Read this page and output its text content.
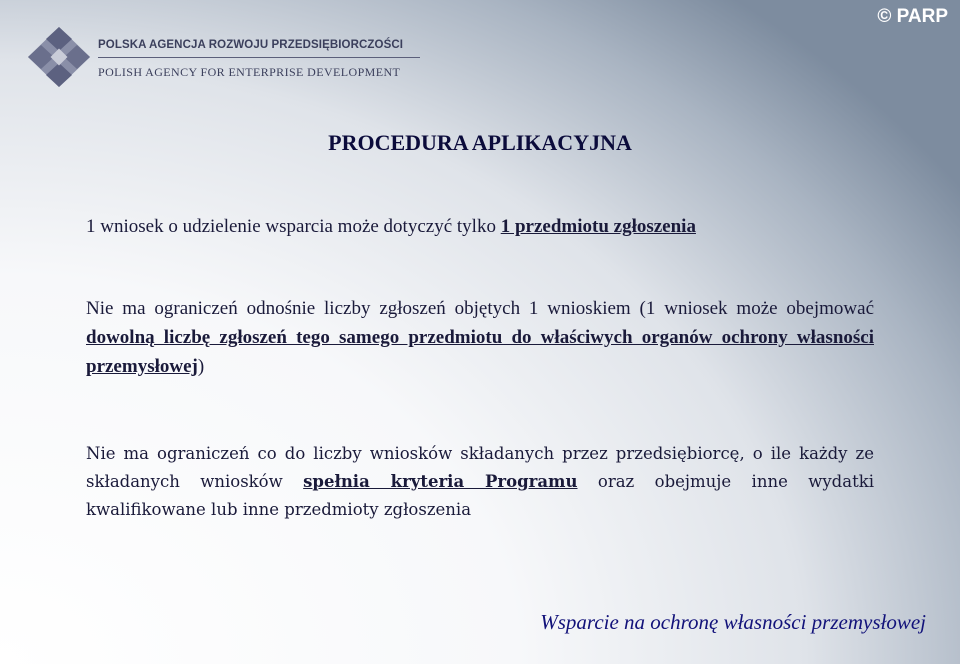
POLSKA AGENCJA ROZWOJU PRZEDSIĘBIORCZOŚCI
POLISH AGENCY FOR ENTERPRISE DEVELOPMENT
© PARP
PROCEDURA APLIKACYJNA
1 wniosek o udzielenie wsparcia może dotyczyć tylko 1 przedmiotu zgłoszenia
Nie ma ograniczeń odnośnie liczby zgłoszeń objętych 1 wnioskiem (1 wniosek może obejmować dowolną liczbę zgłoszeń tego samego przedmiotu do właściwych organów ochrony własności przemysłowej)
Nie ma ograniczeń co do liczby wniosków składanych przez przedsiębiorcę, o ile każdy ze składanych wniosków spełnia kryteria Programu oraz obejmuje inne wydatki kwalifikowane lub inne przedmioty zgłoszenia
Wsparcie na ochronę własności przemysłowej
